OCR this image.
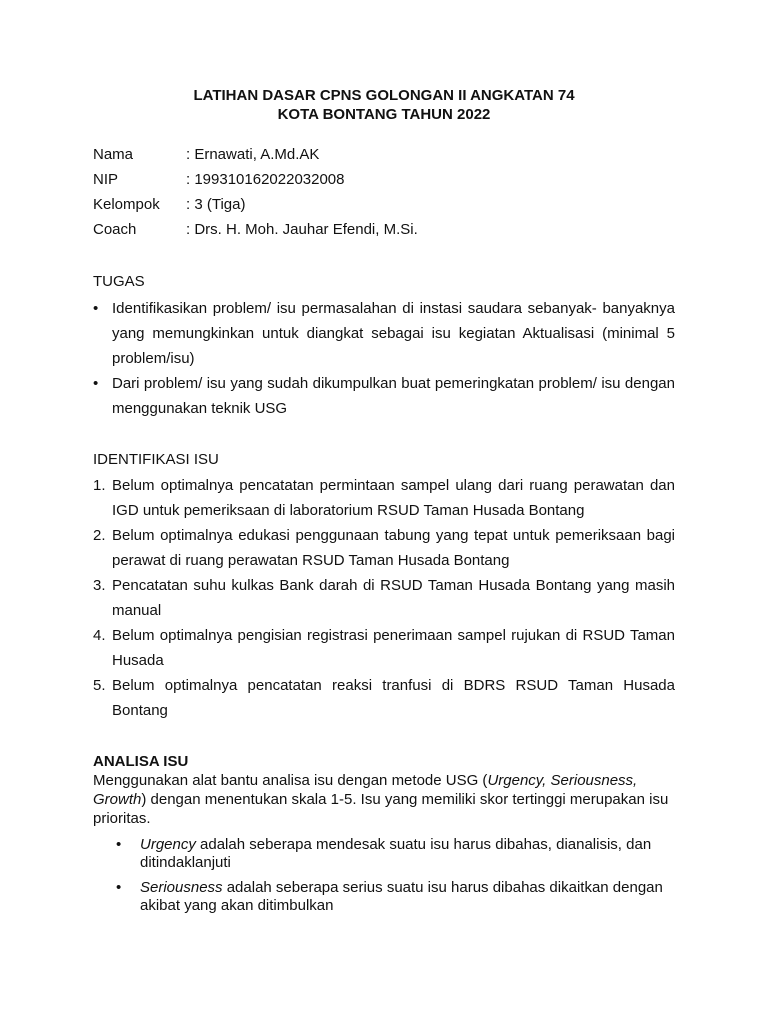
LATIHAN DASAR CPNS GOLONGAN II ANGKATAN 74
KOTA BONTANG TAHUN 2022
Nama	: Ernawati, A.Md.AK
NIP	: 199310162022032008
Kelompok	: 3 (Tiga)
Coach	: Drs. H. Moh. Jauhar Efendi, M.Si.
TUGAS
• Identifikasikan problem/ isu permasalahan di instasi saudara sebanyak- banyaknya yang memungkinkan untuk diangkat sebagai isu kegiatan Aktualisasi (minimal 5 problem/isu)
• Dari problem/ isu yang sudah dikumpulkan buat pemeringkatan problem/ isu dengan menggunakan teknik USG
IDENTIFIKASI ISU
1. Belum optimalnya pencatatan permintaan sampel ulang dari ruang perawatan dan IGD untuk pemeriksaan di laboratorium RSUD Taman Husada Bontang
2. Belum optimalnya edukasi penggunaan tabung yang tepat untuk pemeriksaan bagi perawat di ruang perawatan RSUD Taman Husada Bontang
3. Pencatatan suhu kulkas Bank darah di RSUD Taman Husada Bontang yang masih manual
4. Belum optimalnya pengisian registrasi penerimaan sampel rujukan di RSUD Taman Husada
5. Belum optimalnya pencatatan reaksi tranfusi di BDRS RSUD Taman Husada Bontang
ANALISA ISU
Menggunakan alat bantu analisa isu dengan metode USG (Urgency, Seriousness, Growth) dengan menentukan skala 1-5. Isu yang memiliki skor tertinggi merupakan isu prioritas.
• Urgency adalah seberapa mendesak suatu isu harus dibahas, dianalisis, dan ditindaklanjuti
• Seriousness adalah seberapa serius suatu isu harus dibahas dikaitkan dengan akibat yang akan ditimbulkan
